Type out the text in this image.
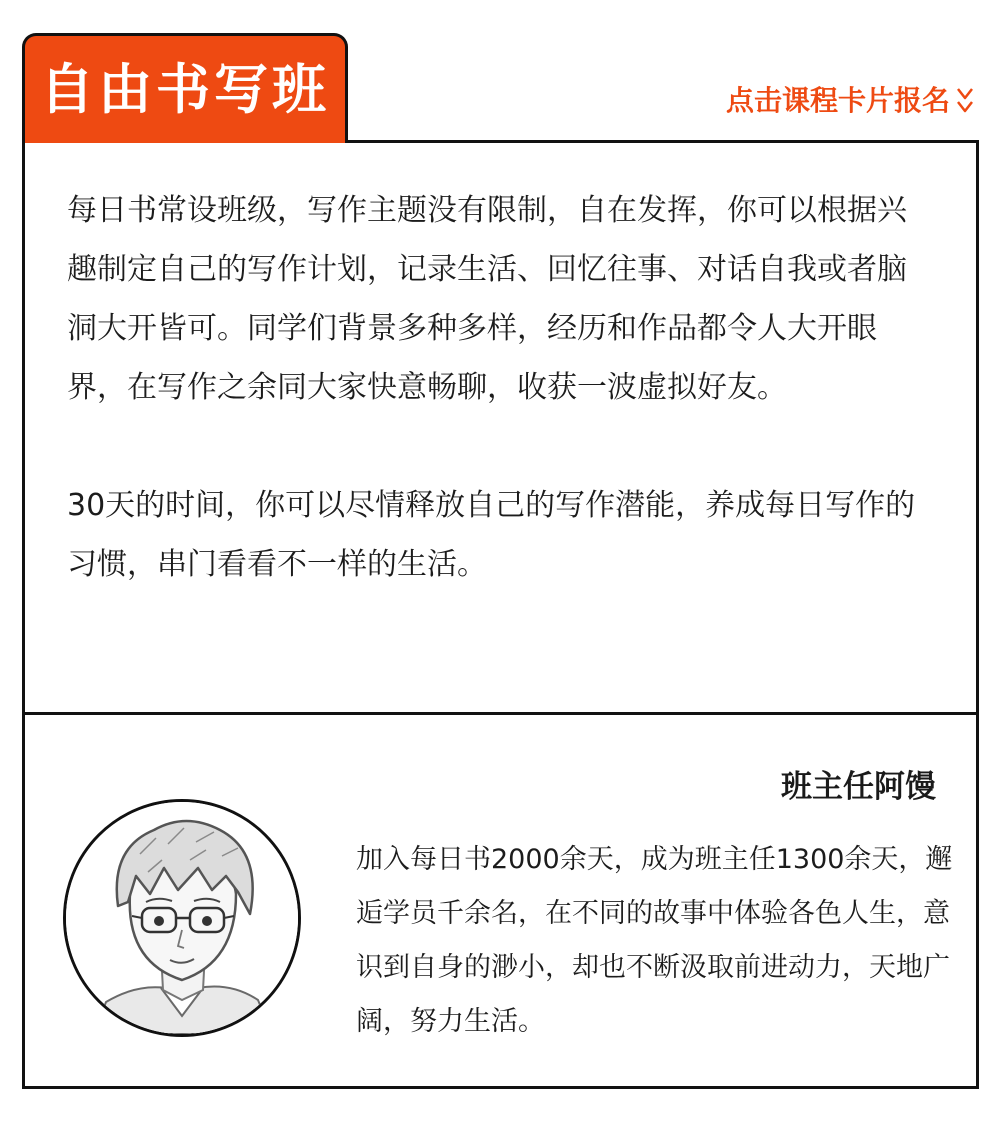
自由书写班	点击课程卡片报名

每日书常设班级，写作主题没有限制，自在发挥，你可以根据兴趣制定自己的写作计划，记录生活、回忆往事、对话自我或者脑洞大开皆可。同学们背景多种多样，经历和作品都令人大开眼界，在写作之余同大家快意畅聊，收获一波虚拟好友。

30天的时间，你可以尽情释放自己的写作潜能，养成每日写作的习惯，串门看看不一样的生活。

班主任阿馒

加入每日书2000余天，成为班主任1300余天，邂逅学员千余名，在不同的故事中体验各色人生，意识到自身的渺小，却也不断汲取前进动力，天地广阔，努力生活。
